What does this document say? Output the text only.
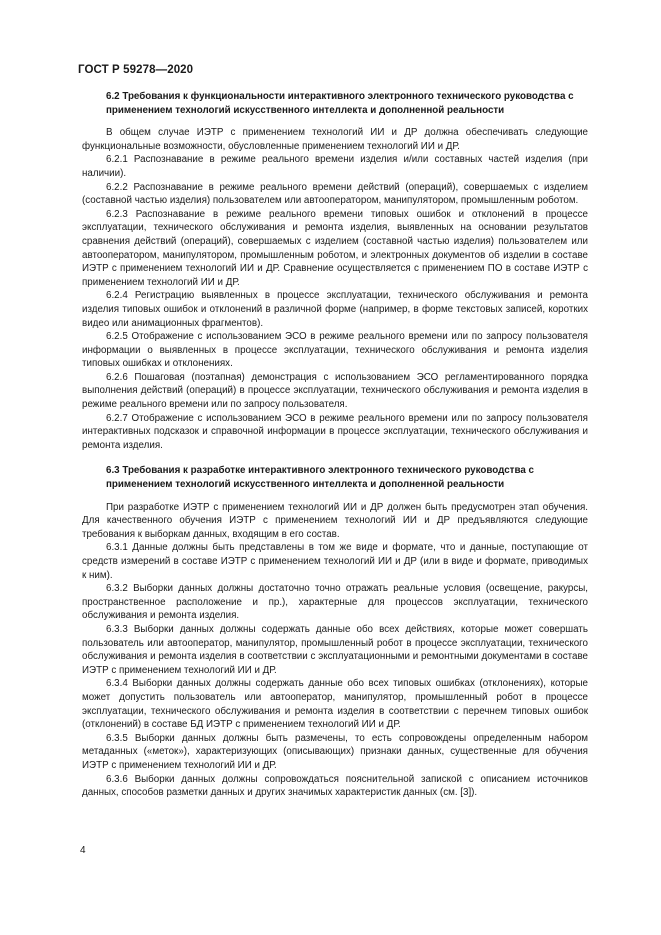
ГОСТ Р 59278—2020
6.2 Требования к функциональности интерактивного электронного технического руководства с применением технологий искусственного интеллекта и дополненной реальности

В общем случае ИЭТР с применением технологий ИИ и ДР должна обеспечивать следующие функциональные возможности, обусловленные применением технологий ИИ и ДР.

6.2.1 Распознавание в режиме реального времени изделия и/или составных частей изделия (при наличии).

6.2.2 Распознавание в режиме реального времени действий (операций), совершаемых с изделием (составной частью изделия) пользователем или автооператором, манипулятором, промышленным роботом.

6.2.3 Распознавание в режиме реального времени типовых ошибок и отклонений в процессе эксплуатации, технического обслуживания и ремонта изделия, выявленных на основании результатов сравнения действий (операций), совершаемых с изделием (составной частью изделия) пользователем или автооператором, манипулятором, промышленным роботом, и электронных документов об изделии в составе ИЭТР с применением технологий ИИ и ДР. Сравнение осуществляется с применением ПО в составе ИЭТР с применением технологий ИИ и ДР.

6.2.4 Регистрацию выявленных в процессе эксплуатации, технического обслуживания и ремонта изделия типовых ошибок и отклонений в различной форме (например, в форме текстовых записей, коротких видео или анимационных фрагментов).

6.2.5 Отображение с использованием ЭСО в режиме реального времени или по запросу пользователя информации о выявленных в процессе эксплуатации, технического обслуживания и ремонта изделия типовых ошибках и отклонениях.

6.2.6 Пошаговая (поэтапная) демонстрация с использованием ЭСО регламентированного порядка выполнения действий (операций) в процессе эксплуатации, технического обслуживания и ремонта изделия в режиме реального времени или по запросу пользователя.

6.2.7 Отображение с использованием ЭСО в режиме реального времени или по запросу пользователя интерактивных подсказок и справочной информации в процессе эксплуатации, технического обслуживания и ремонта изделия.

6.3 Требования к разработке интерактивного электронного технического руководства с применением технологий искусственного интеллекта и дополненной реальности

При разработке ИЭТР с применением технологий ИИ и ДР должен быть предусмотрен этап обучения. Для качественного обучения ИЭТР с применением технологий ИИ и ДР предъявляются следующие требования к выборкам данных, входящим в его состав.

6.3.1 Данные должны быть представлены в том же виде и формате, что и данные, поступающие от средств измерений в составе ИЭТР с применением технологий ИИ и ДР (или в виде и формате, приводимых к ним).

6.3.2 Выборки данных должны достаточно точно отражать реальные условия (освещение, ракурсы, пространственное расположение и пр.), характерные для процессов эксплуатации, технического обслуживания и ремонта изделия.

6.3.3 Выборки данных должны содержать данные обо всех действиях, которые может совершать пользователь или автооператор, манипулятор, промышленный робот в процессе эксплуатации, технического обслуживания и ремонта изделия в соответствии с эксплуатационными и ремонтными документами в составе ИЭТР с применением технологий ИИ и ДР.

6.3.4 Выборки данных должны содержать данные обо всех типовых ошибках (отклонениях), которые может допустить пользователь или автооператор, манипулятор, промышленный робот в процессе эксплуатации, технического обслуживания и ремонта изделия в соответствии с перечнем типовых ошибок (отклонений) в составе БД ИЭТР с применением технологий ИИ и ДР.

6.3.5 Выборки данных должны быть размечены, то есть сопровождены определенным набором метаданных («меток»), характеризующих (описывающих) признаки данных, существенные для обучения ИЭТР с применением технологий ИИ и ДР.

6.3.6 Выборки данных должны сопровождаться пояснительной запиской с описанием источников данных, способов разметки данных и других значимых характеристик данных (см. [3]).

4
